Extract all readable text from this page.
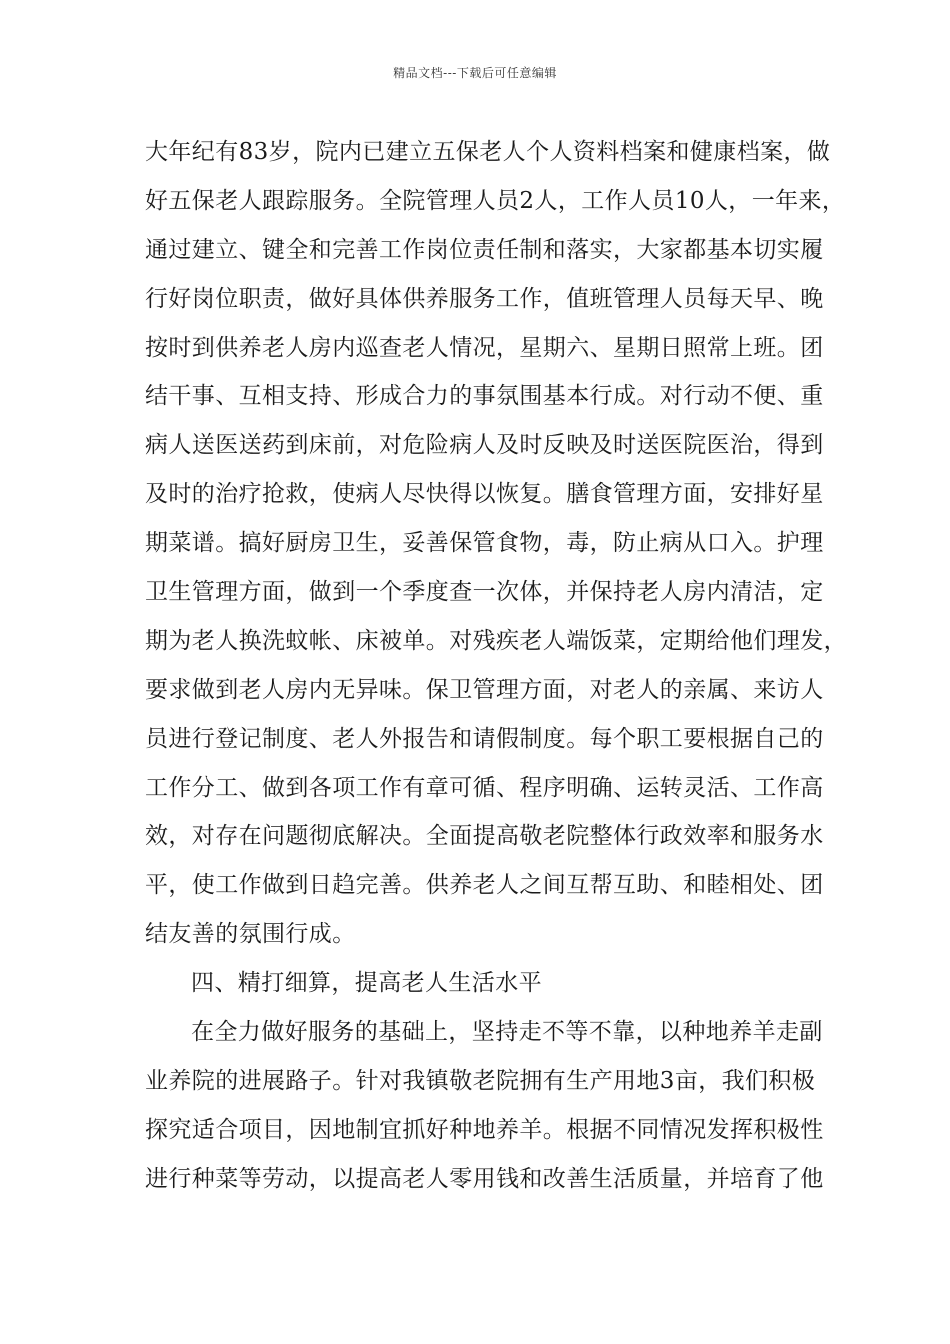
精品文档---下载后可任意编辑
大年纪有83岁，院内已建立五保老人个人资料档案和健康档案，做
好五保老人跟踪服务。全院管理人员2人，工作人员10人，一年来，
通过建立、键全和完善工作岗位责任制和落实，大家都基本切实履
行好岗位职责，做好具体供养服务工作，值班管理人员每天早、晚
按时到供养老人房内巡查老人情况，星期六、星期日照常上班。团
结干事、互相支持、形成合力的事氛围基本行成。对行动不便、重
病人送医送药到床前，对危险病人及时反映及时送医院医治，得到
及时的治疗抢救，使病人尽快得以恢复。膳食管理方面，安排好星
期菜谱。搞好厨房卫生，妥善保管食物，毒，防止病从口入。护理
卫生管理方面，做到一个季度查一次体，并保持老人房内清洁，定
期为老人换洗蚊帐、床被单。对残疾老人端饭菜，定期给他们理发，
要求做到老人房内无异味。保卫管理方面，对老人的亲属、来访人
员进行登记制度、老人外报告和请假制度。每个职工要根据自己的
工作分工、做到各项工作有章可循、程序明确、运转灵活、工作高
效，对存在问题彻底解决。全面提高敬老院整体行政效率和服务水
平，使工作做到日趋完善。供养老人之间互帮互助、和睦相处、团
结友善的氛围行成。
四、精打细算，提高老人生活水平
在全力做好服务的基础上，坚持走不等不靠，以种地养羊走副
业养院的进展路子。针对我镇敬老院拥有生产用地3亩，我们积极
探究适合项目，因地制宜抓好种地养羊。根据不同情况发挥积极性
进行种菜等劳动，以提高老人零用钱和改善生活质量，并培育了他
